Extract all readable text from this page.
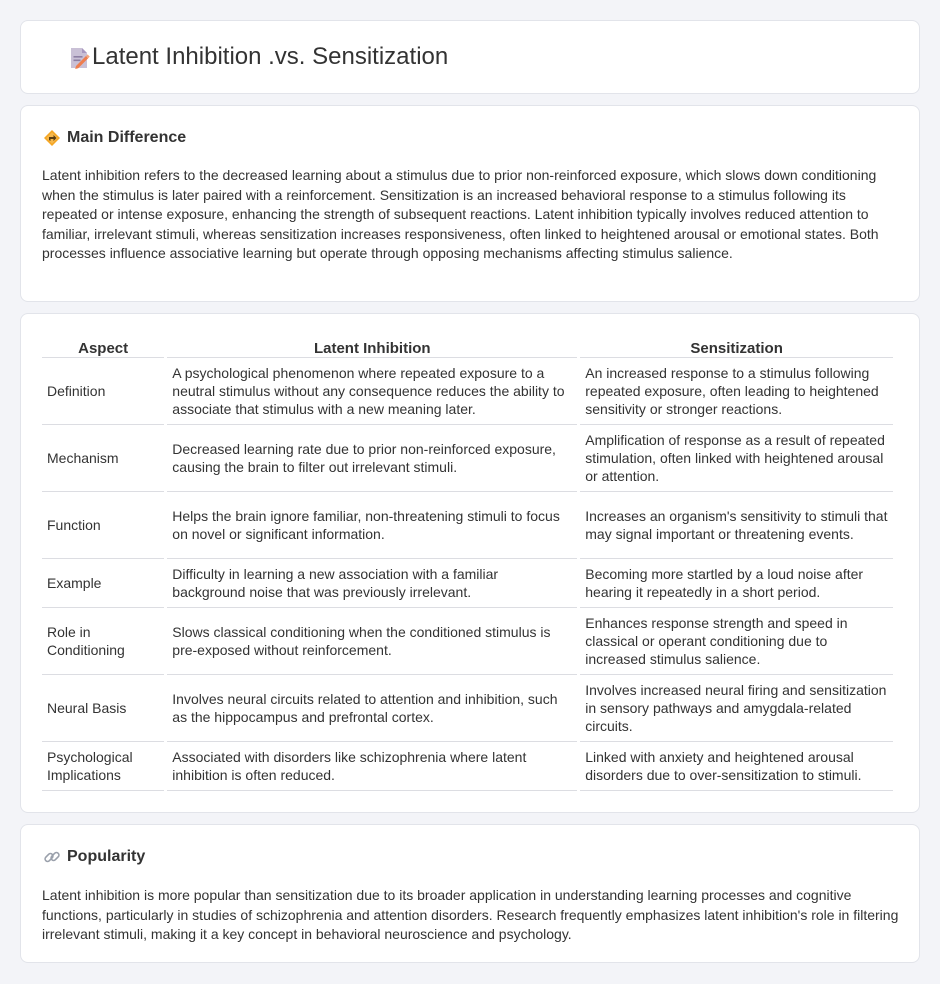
Latent Inhibition .vs. Sensitization
Main Difference

Latent inhibition refers to the decreased learning about a stimulus due to prior non-reinforced exposure, which slows down conditioning when the stimulus is later paired with a reinforcement. Sensitization is an increased behavioral response to a stimulus following its repeated or intense exposure, enhancing the strength of subsequent reactions. Latent inhibition typically involves reduced attention to familiar, irrelevant stimuli, whereas sensitization increases responsiveness, often linked to heightened arousal or emotional states. Both processes influence associative learning but operate through opposing mechanisms affecting stimulus salience.

Aspect	Latent Inhibition	Sensitization
Definition	A psychological phenomenon where repeated exposure to a neutral stimulus without any consequence reduces the ability to associate that stimulus with a new meaning later.	An increased response to a stimulus following repeated exposure, often leading to heightened sensitivity or stronger reactions.
Mechanism	Decreased learning rate due to prior non-reinforced exposure, causing the brain to filter out irrelevant stimuli.	Amplification of response as a result of repeated stimulation, often linked with heightened arousal or attention.
Function	Helps the brain ignore familiar, non-threatening stimuli to focus on novel or significant information.	Increases an organism's sensitivity to stimuli that may signal important or threatening events.
Example	Difficulty in learning a new association with a familiar background noise that was previously irrelevant.	Becoming more startled by a loud noise after hearing it repeatedly in a short period.
Role in Conditioning	Slows classical conditioning when the conditioned stimulus is pre-exposed without reinforcement.	Enhances response strength and speed in classical or operant conditioning due to increased stimulus salience.
Neural Basis	Involves neural circuits related to attention and inhibition, such as the hippocampus and prefrontal cortex.	Involves increased neural firing and sensitization in sensory pathways and amygdala-related circuits.
Psychological Implications	Associated with disorders like schizophrenia where latent inhibition is often reduced.	Linked with anxiety and heightened arousal disorders due to over-sensitization to stimuli.
Popularity

Latent inhibition is more popular than sensitization due to its broader application in understanding learning processes and cognitive functions, particularly in studies of schizophrenia and attention disorders. Research frequently emphasizes latent inhibition's role in filtering irrelevant stimuli, making it a key concept in behavioral neuroscience and psychology.
